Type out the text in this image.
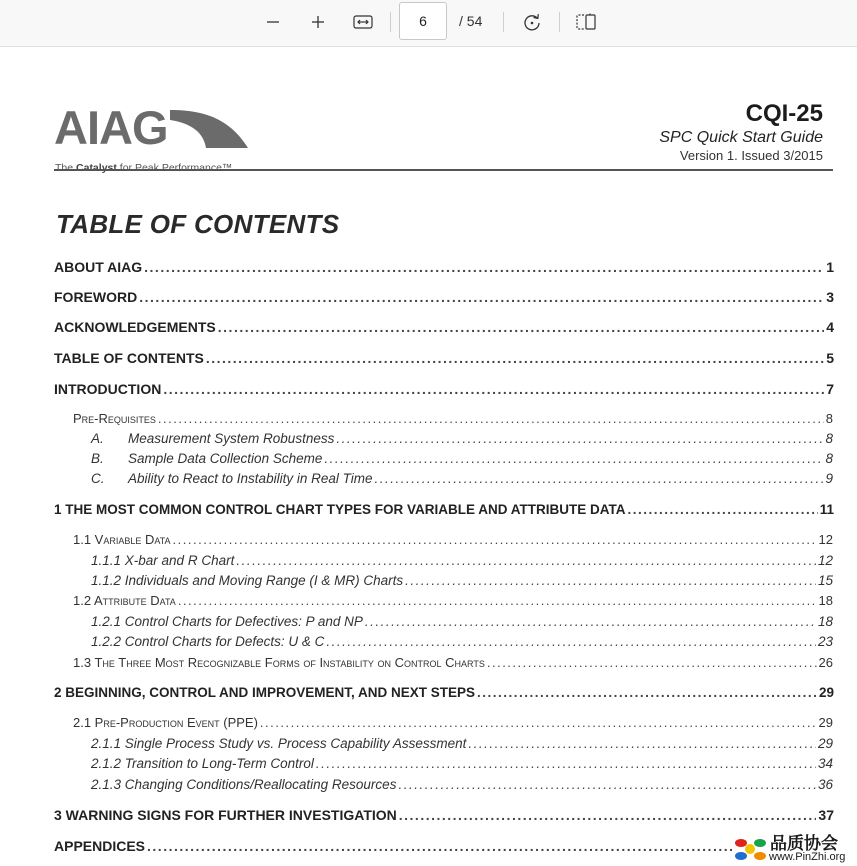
6
/ 54
AIAG
The Catalyst for Peak Performance™
CQI-25
SPC Quick Start Guide
Version 1. Issued 3/2015
TABLE OF CONTENTS
ABOUT AIAG .....	1
FOREWORD .....	3
ACKNOWLEDGEMENTS .....	4
TABLE OF CONTENTS .....	5
INTRODUCTION .....	7
Pre-Requisites .....	8
A. Measurement System Robustness .....	8
B. Sample Data Collection Scheme .....	8
C. Ability to React to Instability in Real Time .....	9
1 THE MOST COMMON CONTROL CHART TYPES FOR VARIABLE AND ATTRIBUTE DATA .....	11
1.1 Variable Data .....	12
1.1.1 X-bar and R Chart .....	12
1.1.2 Individuals and Moving Range (I & MR) Charts .....	15
1.2 Attribute Data .....	18
1.2.1 Control Charts for Defectives: P and NP .....	18
1.2.2 Control Charts for Defects: U & C .....	23
1.3 The Three Most Recognizable Forms of Instability on Control Charts .....	26
2 BEGINNING, CONTROL AND IMPROVEMENT, AND NEXT STEPS .....	29
2.1 Pre-Production Event (PPE) .....	29
2.1.1 Single Process Study vs. Process Capability Assessment .....	29
2.1.2 Transition to Long-Term Control .....	34
2.1.3 Changing Conditions/Reallocating Resources .....	36
3 WARNING SIGNS FOR FURTHER INVESTIGATION .....	37
APPENDICES .....	品质协会
www.PinZhi.org
